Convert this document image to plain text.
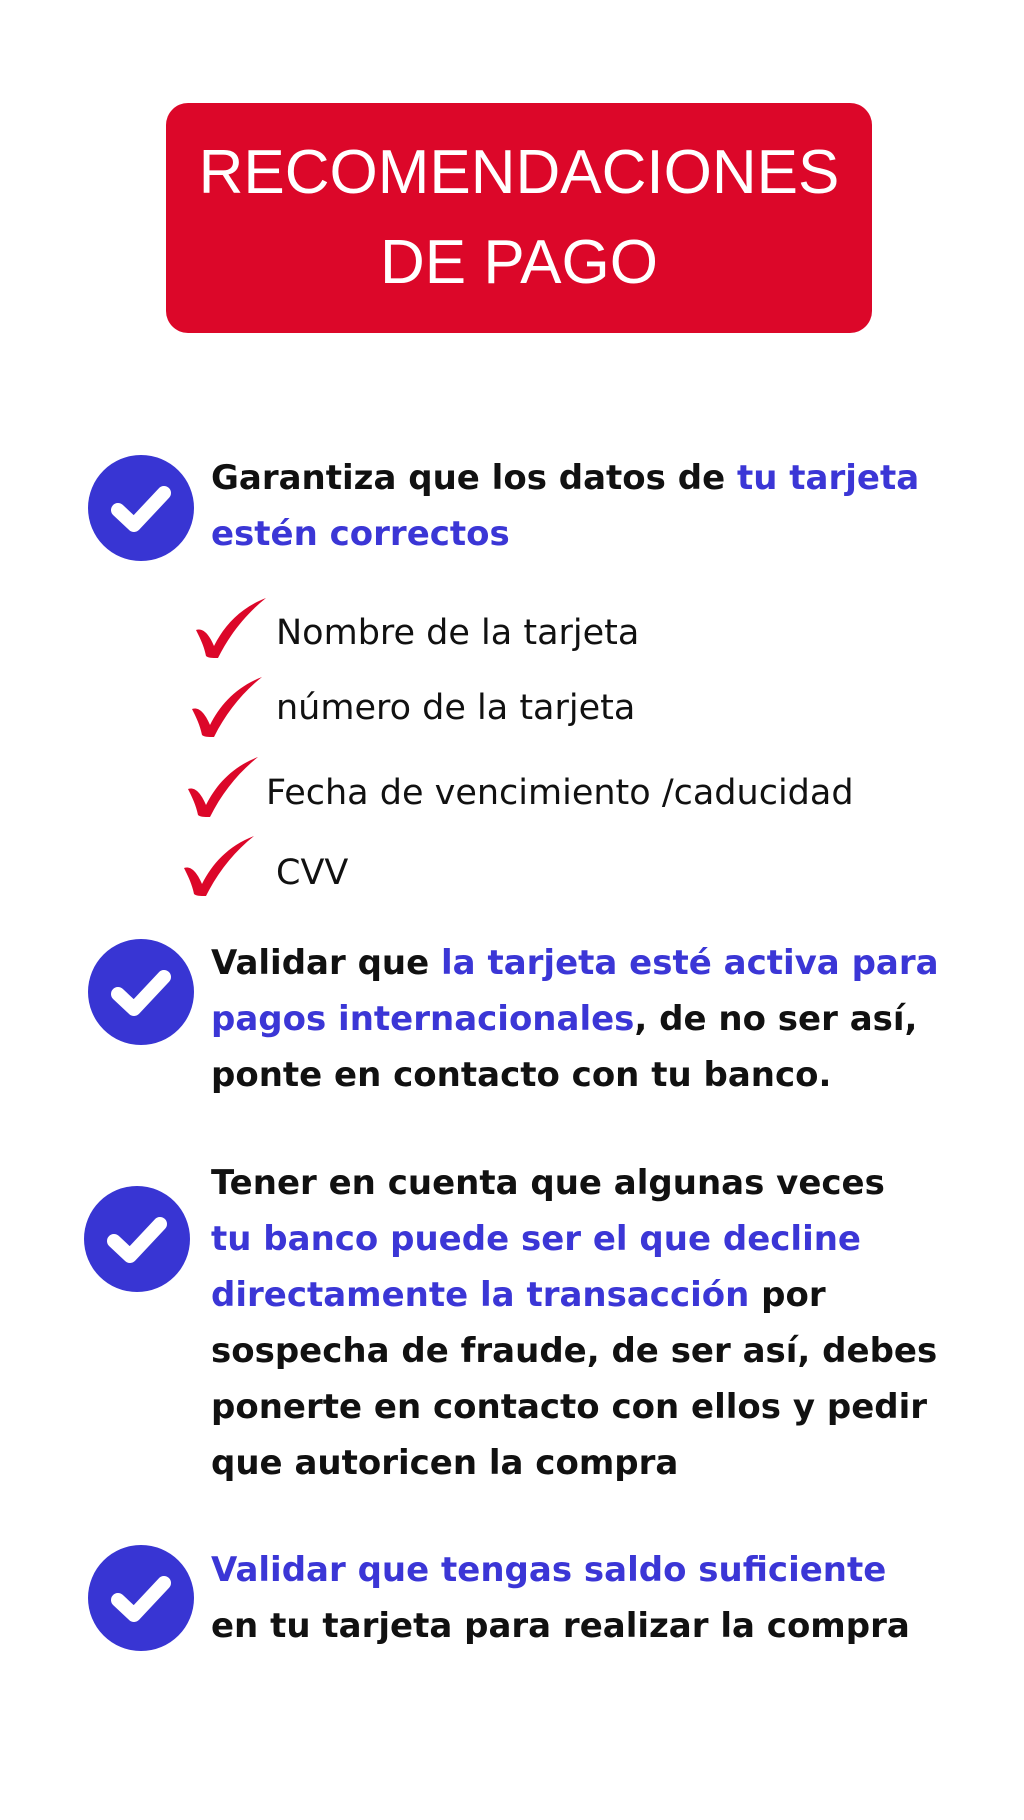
RECOMENDACIONES
DE PAGO
Garantiza que los datos de tu tarjeta
estén correctos
Nombre de la tarjeta
número de la tarjeta
Fecha de vencimiento /caducidad
CVV
Validar que la tarjeta esté activa para
pagos internacionales, de no ser así,
ponte en contacto con tu banco.
Tener en cuenta que algunas veces
tu banco puede ser el que decline
directamente la transacción por
sospecha de fraude, de ser así, debes
ponerte en contacto con ellos y pedir
que autoricen la compra
Validar que tengas saldo suficiente
en tu tarjeta para realizar la compra
